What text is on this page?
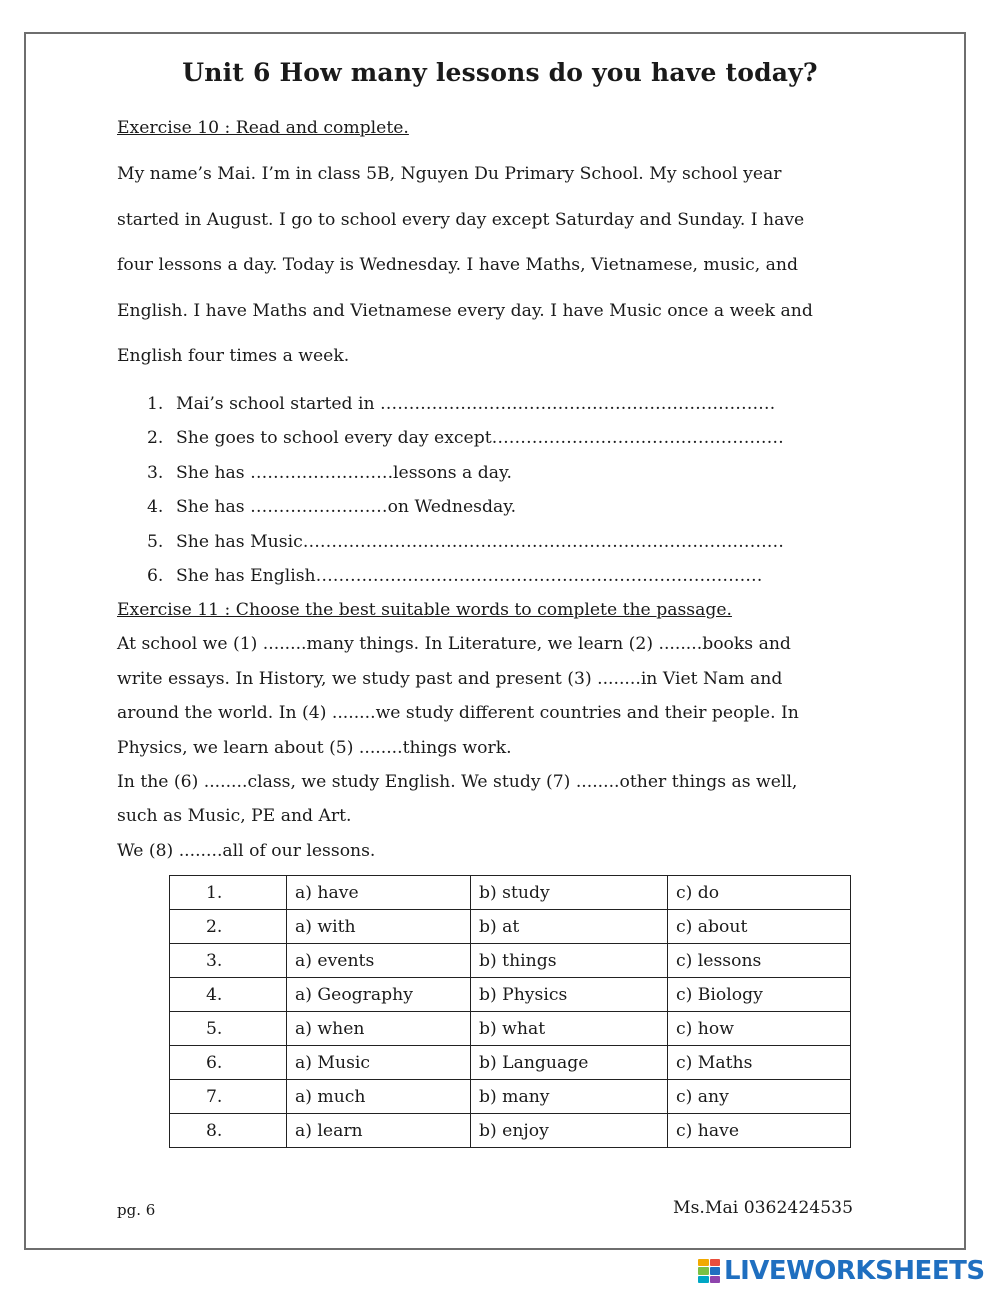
Unit 6 How many lessons do you have today?
Exercise 10 : Read and complete.
My name’s Mai. I’m in class 5B, Nguyen Du Primary School. My school year
started in August. I go to school every day except Saturday and Sunday. I have
four lessons a day. Today is Wednesday. I have Maths, Vietnamese, music, and
English. I have Maths and Vietnamese every day. I have Music once a week and
English four times a week.
1. Mai’s school started in ……………………………………………………………
2. She goes to school every day except……………………………………………
3. She has …………………….lessons a day.
4. She has ……………………on Wednesday.
5. She has Music…………………………………………………………………………
6. She has English……………………………………………………………………
Exercise 11 : Choose the best suitable words to complete the passage.
At school we (1) ........many things. In Literature, we learn (2) ........books and
write essays. In History, we study past and present (3) ........in Viet Nam and
around the world. In (4) ........we study different countries and their people. In
Physics, we learn about (5) ........things work.
In the (6) ........class, we study English. We study (7) ........other things as well,
such as Music, PE and Art.
We (8) ........all of our lessons.
1.	a) have	b) study	c) do
2.	a) with	b) at	c) about
3.	a) events	b) things	c) lessons
4.	a) Geography	b) Physics	c) Biology
5.	a) when	b) what	c) how
6.	a) Music	b) Language	c) Maths
7.	a) much	b) many	c) any
8.	a) learn	b) enjoy	c) have
pg. 6	Ms.Mai 0362424535
LIVEWORKSHEETS
